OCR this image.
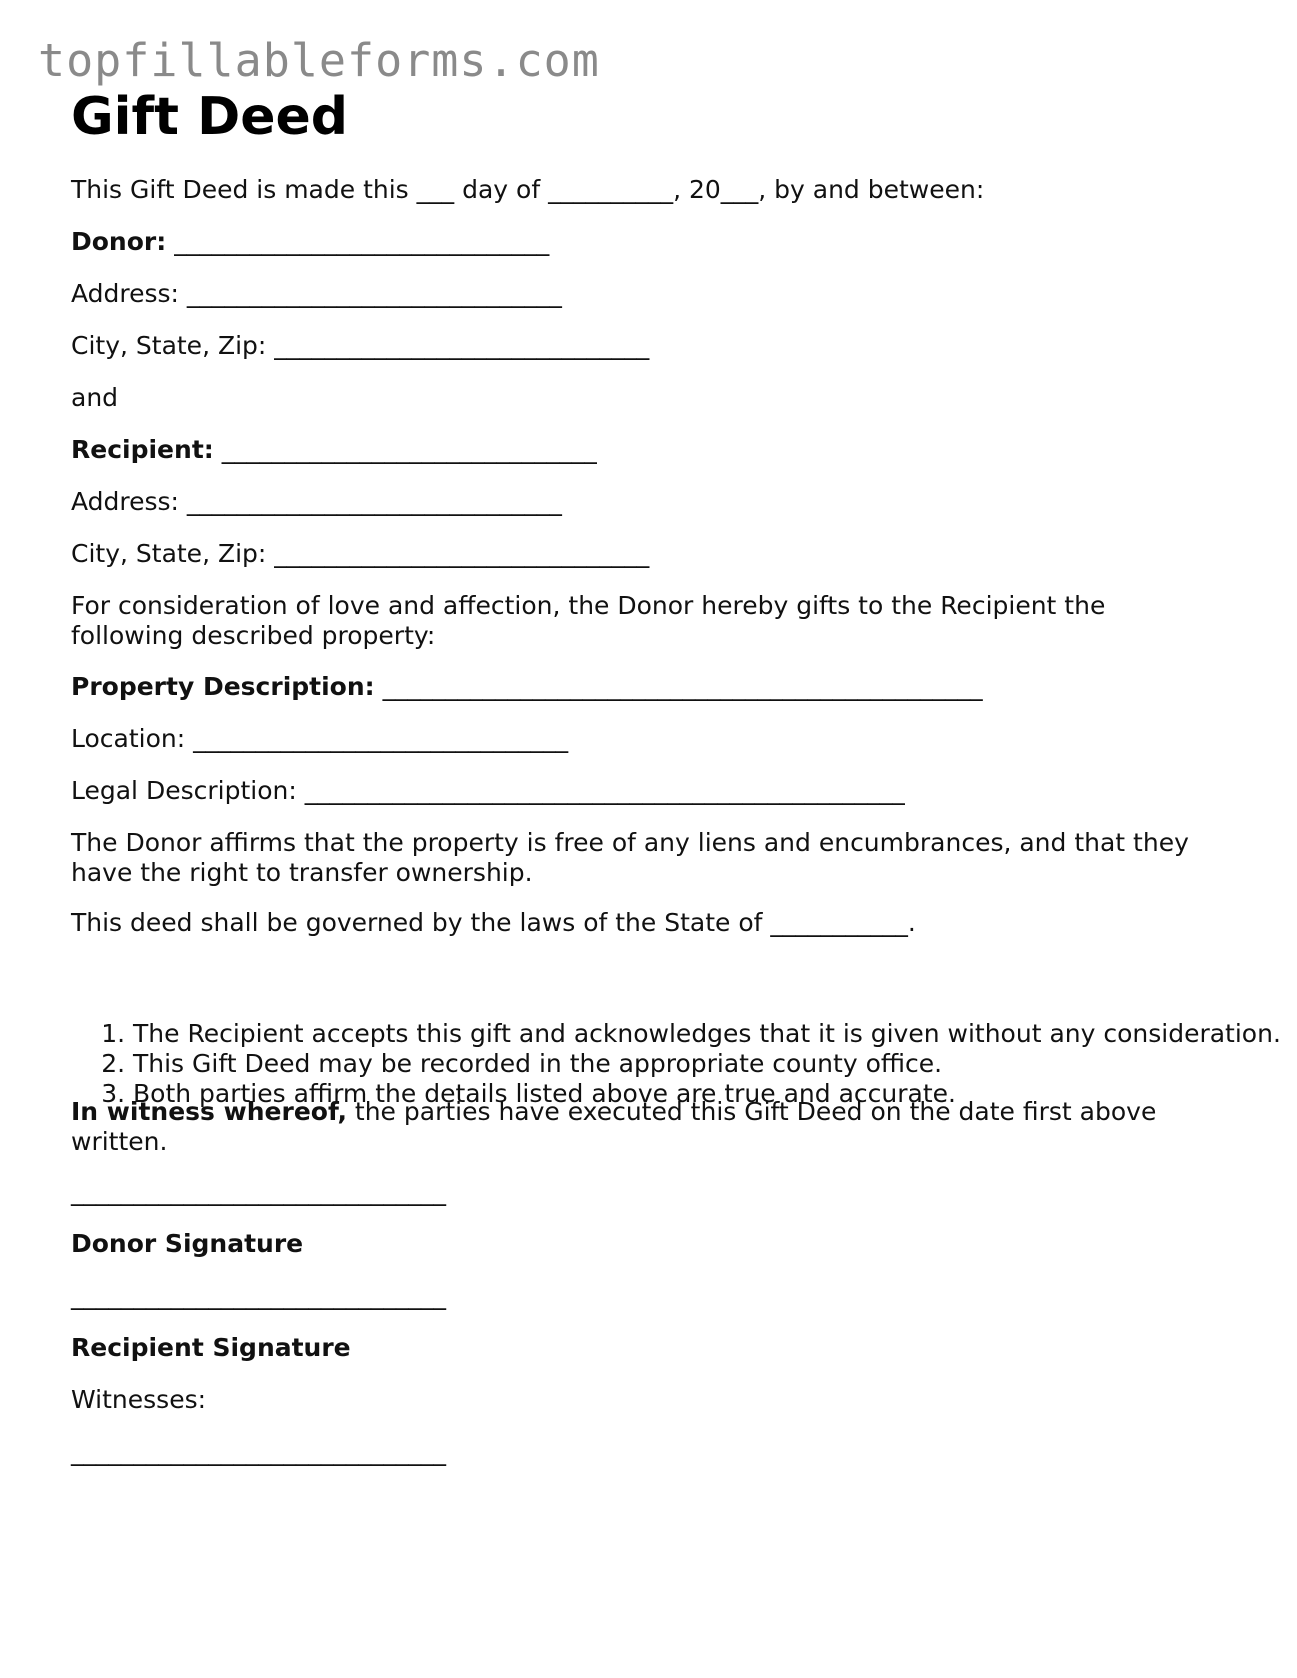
topfillableforms.com
Gift Deed

This Gift Deed is made this ___ day of __________, 20___, by and between:

Donor: ______________________________

Address: ______________________________

City, State, Zip: ______________________________

and

Recipient: ______________________________

Address: ______________________________

City, State, Zip: ______________________________

For consideration of love and affection, the Donor hereby gifts to the Recipient the following described property:

Property Description: ________________________________________________

Location: ______________________________

Legal Description: ________________________________________________

The Donor affirms that the property is free of any liens and encumbrances, and that they have the right to transfer ownership.

This deed shall be governed by the laws of the State of ___________.

1. The Recipient accepts this gift and acknowledges that it is given without any consideration.
2. This Gift Deed may be recorded in the appropriate county office.
3. Both parties affirm the details listed above are true and accurate.

In witness whereof, the parties have executed this Gift Deed on the date first above written.

______________________________

Donor Signature

______________________________

Recipient Signature

Witnesses:

______________________________
